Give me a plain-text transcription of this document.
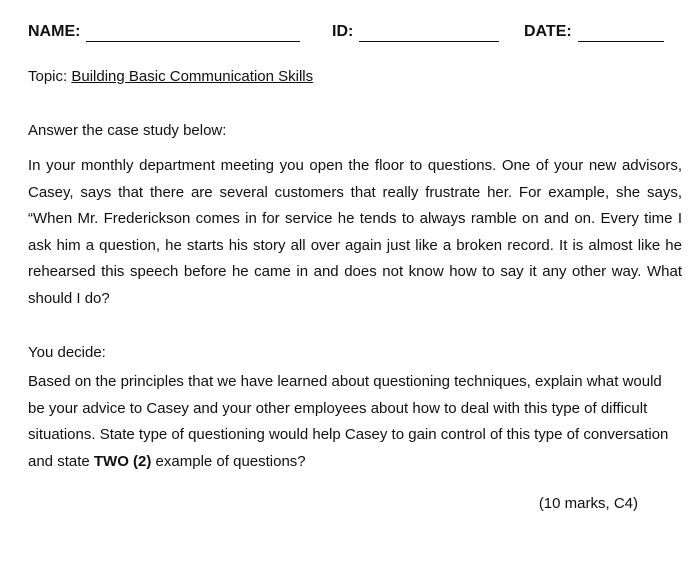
NAME:	ID:	DATE:
Topic: Building Basic Communication Skills
Answer the case study below:

In your monthly department meeting you open the floor to questions. One of your new advisors, Casey, says that there are several customers that really frustrate her. For example, she says, “When Mr. Frederickson comes in for service he tends to always ramble on and on. Every time I ask him a question, he starts his story all over again just like a broken record. It is almost like he rehearsed this speech before he came in and does not know how to say it any other way. What should I do?

You decide:

Based on the principles that we have learned about questioning techniques, explain what would be your advice to Casey and your other employees about how to deal with this type of difficult situations. State type of questioning would help Casey to gain control of this type of conversation and state TWO (2) example of questions?

(10 marks, C4)
